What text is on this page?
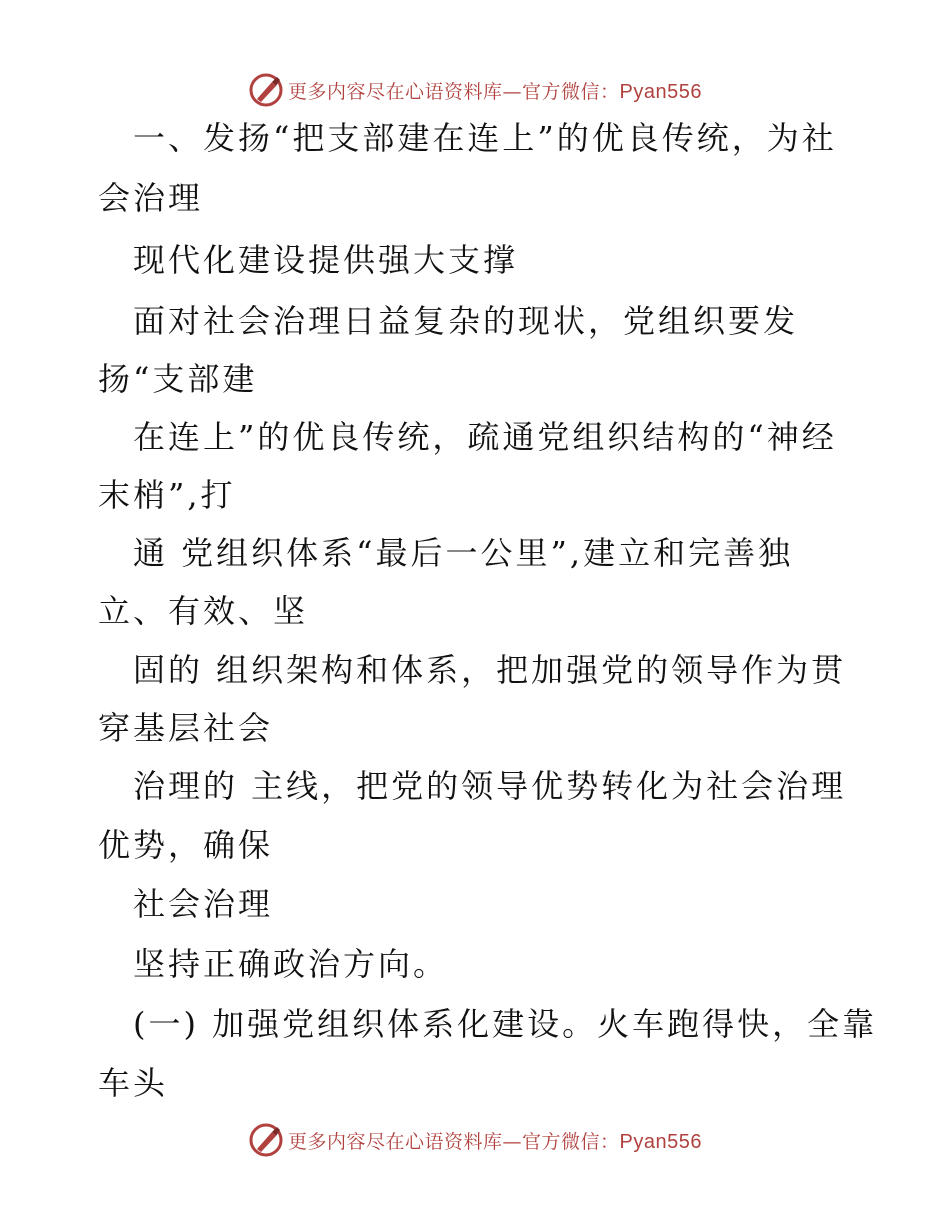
更多内容尽在心语资料库—官方微信：Pyan556
　一、发扬“把支部建在连上”的优良传统，为社
会治理
　现代化建设提供强大支撑
　面对社会治理日益复杂的现状，党组织要发
扬“支部建
　在连上”的优良传统，疏通党组织结构的“神经
末梢”,打
　通 党组织体系“最后一公里”,建立和完善独
立、有效、坚
　固的 组织架构和体系，把加强党的领导作为贯
穿基层社会
　治理的 主线，把党的领导优势转化为社会治理
优势，确保
　社会治理
　坚持正确政治方向。
　(一) 加强党组织体系化建设。火车跑得快，全靠
车头
更多内容尽在心语资料库—官方微信：Pyan556
